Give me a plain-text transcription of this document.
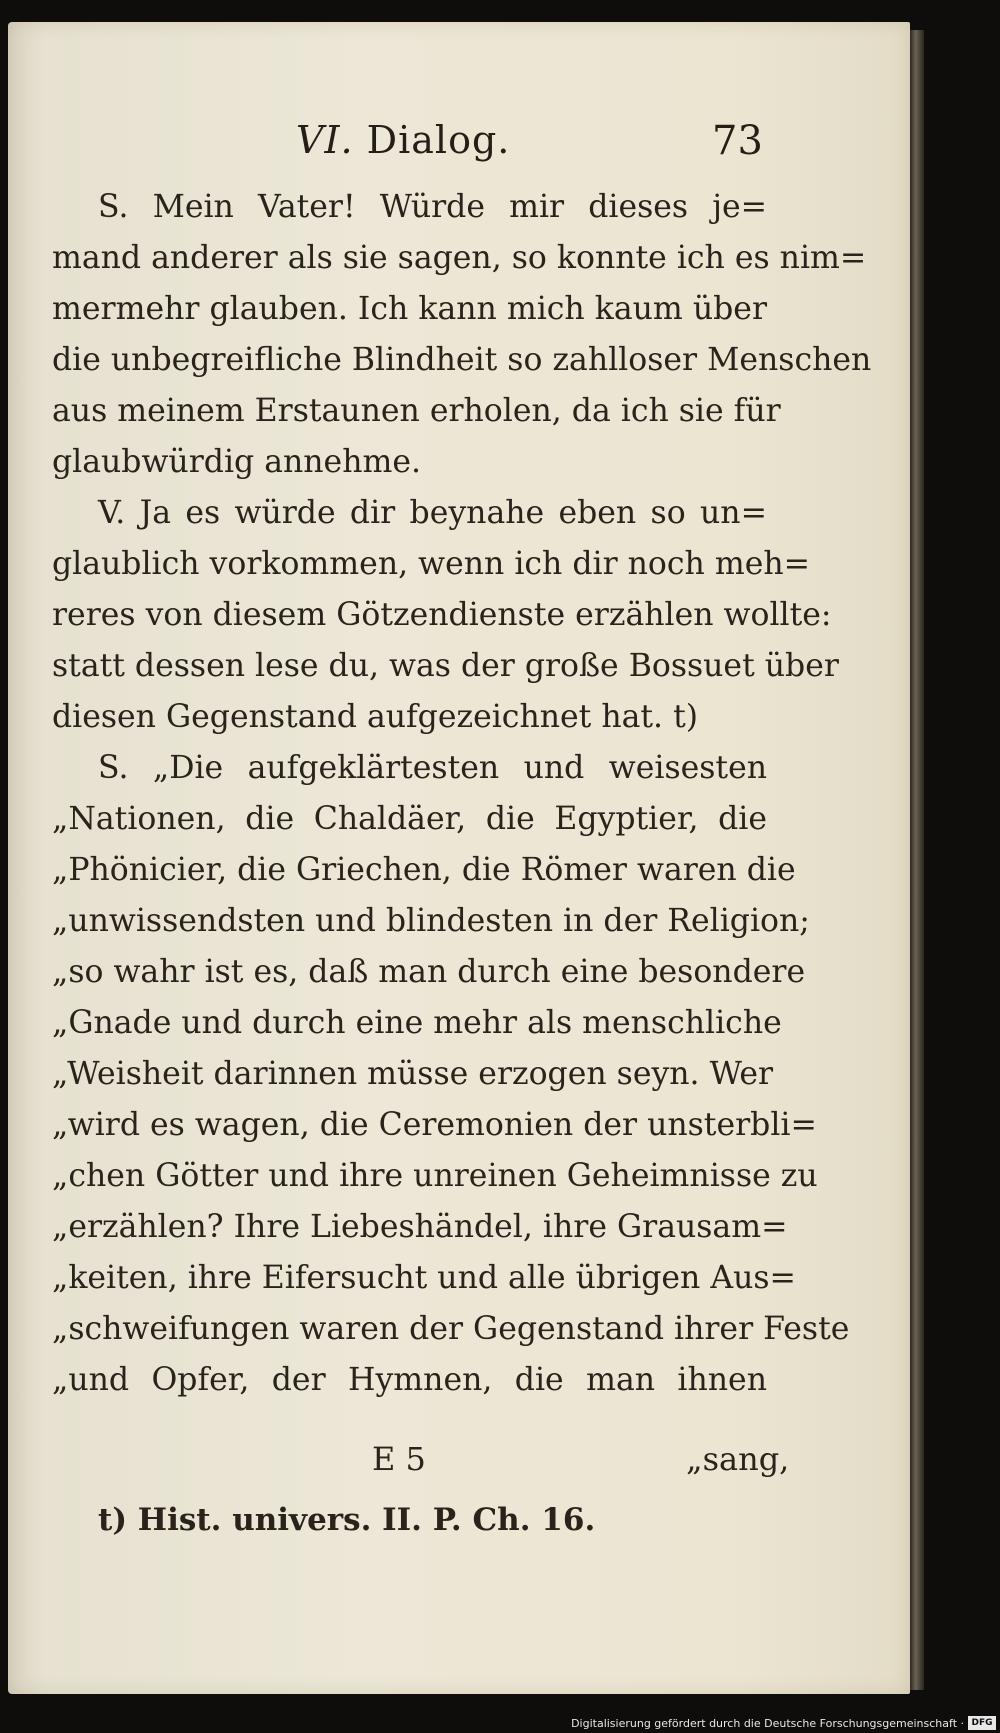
VI. Dialog.	73
S. Mein Vater! Würde mir dieses je=
mand anderer als sie sagen, so konnte ich es nim=
mermehr glauben. Ich kann mich kaum über
die unbegreifliche Blindheit so zahlloser Menschen
aus meinem Erstaunen erholen, da ich sie für
glaubwürdig annehme.
V. Ja es würde dir beynahe eben so un=
glaublich vorkommen, wenn ich dir noch meh=
reres von diesem Götzendienste erzählen wollte:
statt dessen lese du, was der große Bossuet über
diesen Gegenstand aufgezeichnet hat. t)
S. „Die aufgeklärtesten und weisesten
„Nationen, die Chaldäer, die Egyptier, die
„Phönicier, die Griechen, die Römer waren die
„unwissendsten und blindesten in der Religion;
„so wahr ist es, daß man durch eine besondere
„Gnade und durch eine mehr als menschliche
„Weisheit darinnen müsse erzogen seyn. Wer
„wird es wagen, die Ceremonien der unsterbli=
„chen Götter und ihre unreinen Geheimnisse zu
„erzählen? Ihre Liebeshändel, ihre Grausam=
„keiten, ihre Eifersucht und alle übrigen Aus=
„schweifungen waren der Gegenstand ihrer Feste
„und Opfer, der Hymnen, die man ihnen
E 5	„sang,
t) Hist. univers. II. P. Ch. 16.
Digitalisierung gefördert durch die Deutsche Forschungsgemeinschaft · DFG
